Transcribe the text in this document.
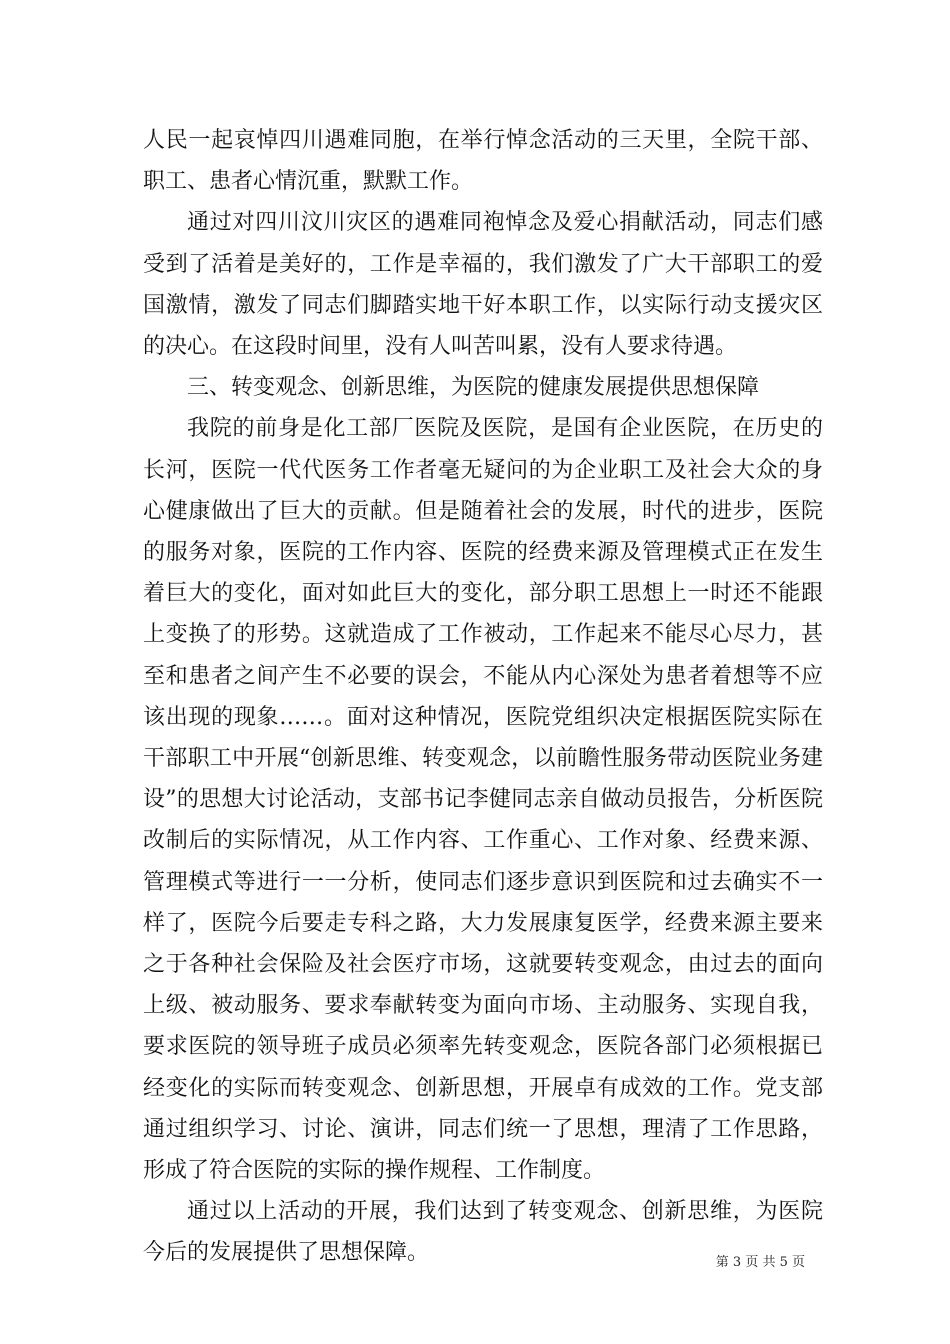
人民一起哀悼四川遇难同胞，在举行悼念活动的三天里，全院干部、职工、患者心情沉重，默默工作。

通过对四川汶川灾区的遇难同袍悼念及爱心捐献活动，同志们感受到了活着是美好的，工作是幸福的，我们激发了广大干部职工的爱国激情，激发了同志们脚踏实地干好本职工作，以实际行动支援灾区的决心。在这段时间里，没有人叫苦叫累，没有人要求待遇。

三、转变观念、创新思维，为医院的健康发展提供思想保障

我院的前身是化工部厂医院及医院，是国有企业医院，在历史的长河，医院一代代医务工作者毫无疑问的为企业职工及社会大众的身心健康做出了巨大的贡献。但是随着社会的发展，时代的进步，医院的服务对象，医院的工作内容、医院的经费来源及管理模式正在发生着巨大的变化，面对如此巨大的变化，部分职工思想上一时还不能跟上变换了的形势。这就造成了工作被动，工作起来不能尽心尽力，甚至和患者之间产生不必要的误会，不能从内心深处为患者着想等不应该出现的现象……。面对这种情况，医院党组织决定根据医院实际在干部职工中开展“创新思维、转变观念，以前瞻性服务带动医院业务建设”的思想大讨论活动，支部书记李健同志亲自做动员报告，分析医院改制后的实际情况，从工作内容、工作重心、工作对象、经费来源、管理模式等进行一一分析，使同志们逐步意识到医院和过去确实不一样了，医院今后要走专科之路，大力发展康复医学，经费来源主要来之于各种社会保险及社会医疗市场，这就要转变观念，由过去的面向上级、被动服务、要求奉献转变为面向市场、主动服务、实现自我，要求医院的领导班子成员必须率先转变观念，医院各部门必须根据已经变化的实际而转变观念、创新思想，开展卓有成效的工作。党支部通过组织学习、讨论、演讲，同志们统一了思想，理清了工作思路，形成了符合医院的实际的操作规程、工作制度。

通过以上活动的开展，我们达到了转变观念、创新思维，为医院今后的发展提供了思想保障。	第 3 页 共 5 页
